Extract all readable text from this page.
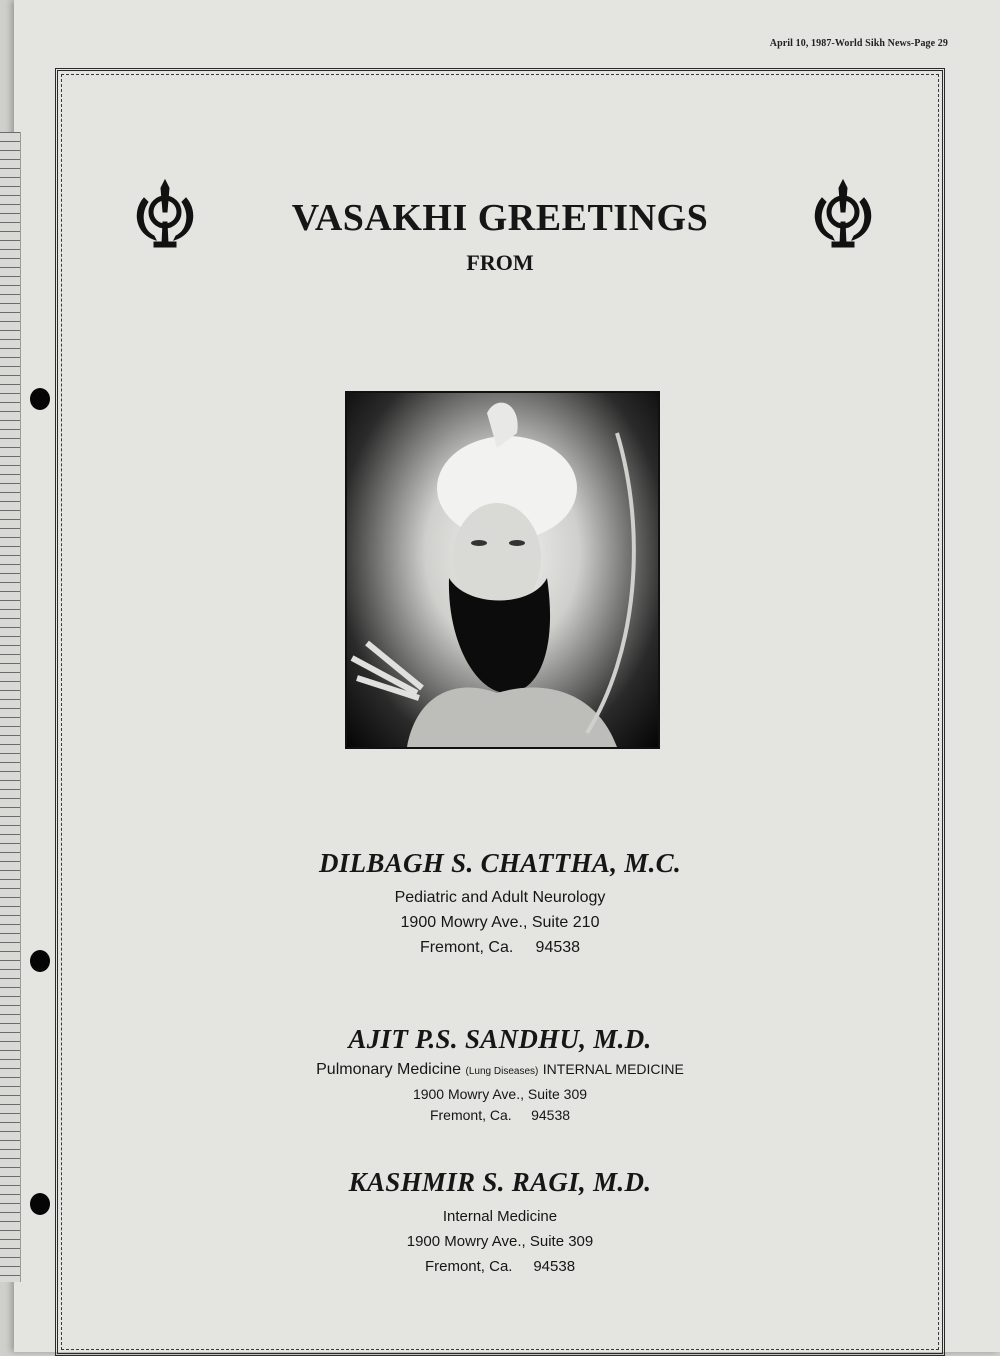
April 10, 1987-World Sikh News-Page 29
VASAKHI GREETINGS
FROM
DILBAGH S. CHATTHA, M.C.
Pediatric and Adult Neurology
1900 Mowry Ave., Suite 210
Fremont, Ca. 94538
AJIT P.S. SANDHU, M.D.
Pulmonary Medicine (Lung Diseases) INTERNAL MEDICINE
1900 Mowry Ave., Suite 309
Fremont, Ca. 94538
KASHMIR S. RAGI, M.D.
Internal Medicine
1900 Mowry Ave., Suite 309
Fremont, Ca. 94538
